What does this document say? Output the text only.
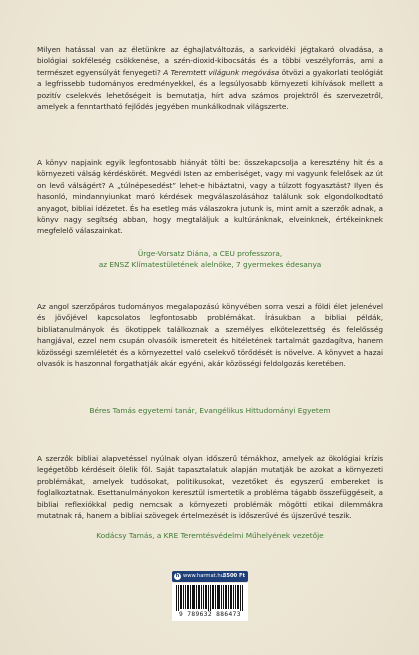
Milyen hatással van az életünkre az éghajlatváltozás, a sarkvidéki jégtakaró olvadása, a biológiai sokféleség csökkenése, a szén-dioxid-kibocsátás és a többi veszélyforrás, ami a természet egyensúlyát fenyegeti? A Teremtett világunk megóvása ötvözi a gyakorlati teológiát a legfrissebb tudományos eredményekkel, és a legsúlyosabb környezeti kihívások mellett a pozitív cselekvés lehetőségeit is bemutatja, hírt adva számos projektről és szervezetről, amelyek a fenntartható fejlődés jegyében munkálkodnak világszerte.

A könyv napjaink egyik legfontosabb hiányát tölti be: összekapcsolja a keresztény hit és a környezeti válság kérdéskörét. Megvédi Isten az emberiséget, vagy mi vagyunk felelősek az út on levő válságért? A „túlnépesedést” lehet-e hibáztatni, vagy a túlzott fogyasztást? Ilyen és hasonló, mindannyiunkat maró kérdések megválaszolásához találunk sok elgondolkodtató anyagot, bibliai idézetet. És ha esetleg más válaszokra jutunk is, mint amit a szerzők adnak, a könyv nagy segítség abban, hogy megtaláljuk a kultúránknak, elveinknek, értékeinknek megfelelő válaszainkat.

Ürge-Vorsatz Diána, a CEU professzora,
az ENSZ Klímatestületének alelnöke, 7 gyermekes édesanya

Az angol szerzőpáros tudományos megalapozású könyvében sorra veszi a földi élet jelenével és jövőjével kapcsolatos legfontosabb problémákat. Írásukban a bibliai példák, bibliatanulmányok és ökotippek találkoznak a személyes elkötelezettség és felelősség hangjával, ezzel nem csupán olvasóik ismereteit és hitéletének tartalmát gazdagítva, hanem közösségi szemléletét és a környezettel való cselekvő törődését is növelve. A könyvet a hazai olvasók is haszonnal forgathatják akár egyéni, akár közösségi feldolgozás keretében.

Béres Tamás egyetemi tanár, Evangélikus Hittudományi Egyetem

A szerzők bibliai alapvetéssel nyúlnak olyan időszerű témákhoz, amelyek az ökológiai krízis legégetőbb kérdéseit ölelik föl. Saját tapasztalatuk alapján mutatják be azokat a környezeti problémákat, amelyek tudósokat, politikusokat, vezetőket és egyszerű embereket is foglalkoztatnak. Esettanulmányokon keresztül ismertetik a probléma tágabb összefüggéseit, a bibliai reflexiókkal pedig nemcsak a környezeti problémák mögötti etikai dilemmákra mutatnak rá, hanem a bibliai szövegek értelmezését is időszerűvé és újszerűvé teszik.

Kodácsy Tamás, a KRE Teremtésvédelmi Műhelyének vezetője

h www.harmat.hu
3500 Ft
9 789632 886473
